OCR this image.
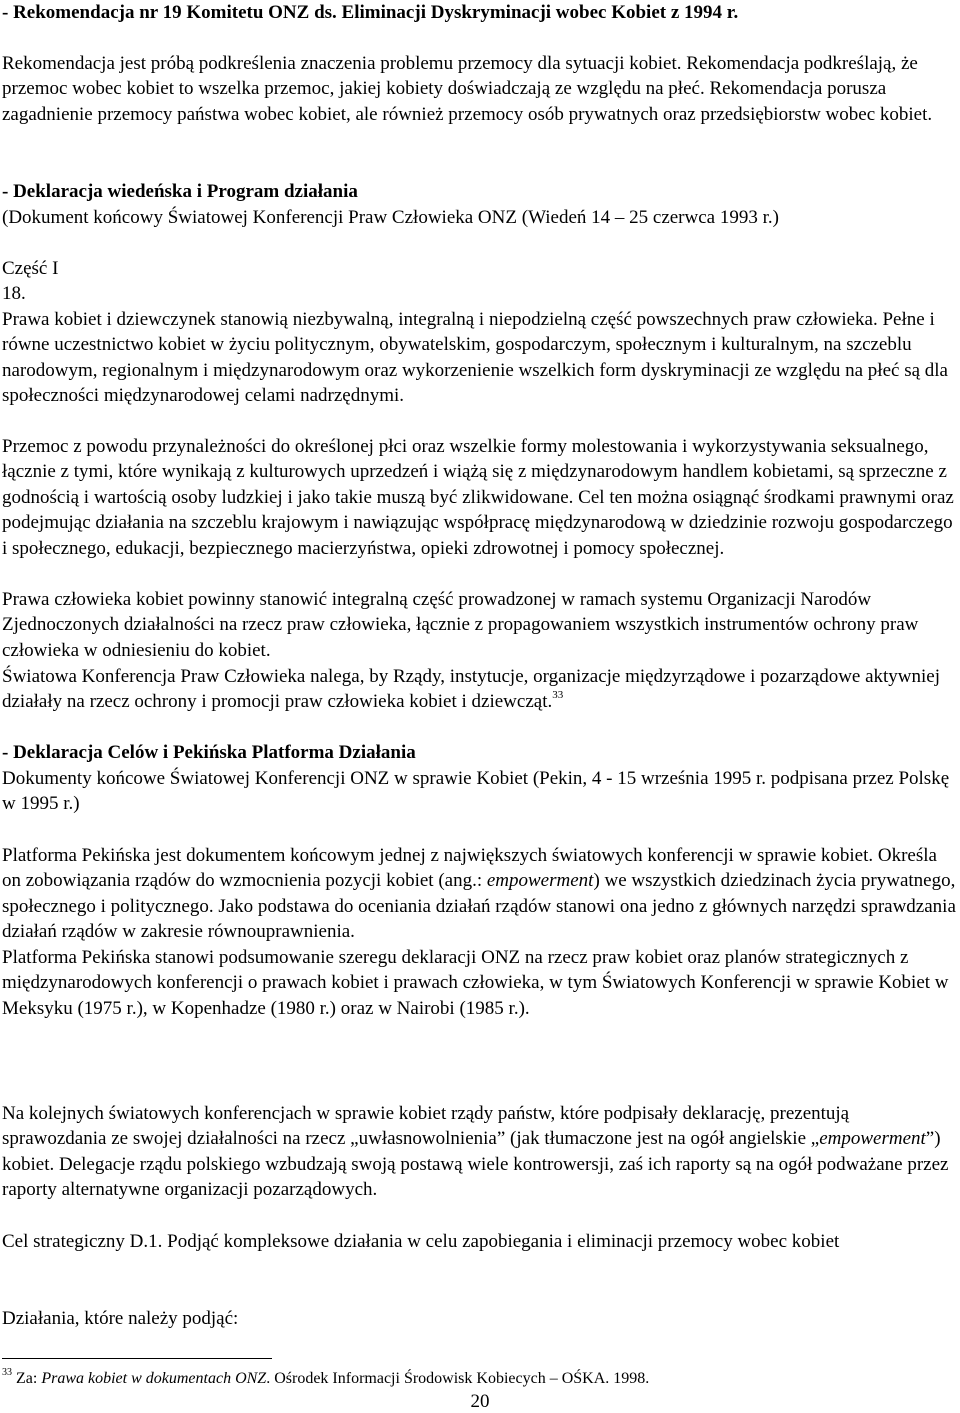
- Rekomendacja nr 19 Komitetu ONZ ds. Eliminacji Dyskryminacji wobec Kobiet z 1994 r.

Rekomendacja jest próbą podkreślenia znaczenia problemu przemocy dla sytuacji kobiet. Rekomendacja podkreślają, że przemoc wobec kobiet to wszelka przemoc, jakiej kobiety doświadczają ze względu na płeć. Rekomendacja porusza zagadnienie przemocy państwa wobec kobiet, ale również przemocy osób prywatnych oraz przedsiębiorstw wobec kobiet.

- Deklaracja wiedeńska i Program działania

(Dokument końcowy Światowej Konferencji Praw Człowieka ONZ (Wiedeń 14 – 25 czerwca 1993 r.)

Część I

18.

Prawa kobiet i dziewczynek stanowią niezbywalną, integralną i niepodzielną część powszechnych praw człowieka. Pełne i równe uczestnictwo kobiet w życiu politycznym, obywatelskim, gospodarczym, społecznym i kulturalnym, na szczeblu narodowym, regionalnym i międzynarodowym oraz wykorzenienie wszelkich form dyskryminacji ze względu na płeć są dla społeczności międzynarodowej celami nadrzędnymi.

Przemoc z powodu przynależności do określonej płci oraz wszelkie formy molestowania i wykorzystywania seksualnego, łącznie z tymi, które wynikają z kulturowych uprzedzeń i wiążą się z międzynarodowym handlem kobietami, są sprzeczne z godnością i wartością osoby ludzkiej i jako takie muszą być zlikwidowane. Cel ten można osiągnąć środkami prawnymi oraz podejmując działania na szczeblu krajowym i nawiązując współpracę międzynarodową w dziedzinie rozwoju gospodarczego i społecznego, edukacji, bezpiecznego macierzyństwa, opieki zdrowotnej i pomocy społecznej.

Prawa człowieka kobiet powinny stanowić integralną część prowadzonej w ramach systemu Organizacji Narodów Zjednoczonych działalności na rzecz praw człowieka, łącznie z propagowaniem wszystkich instrumentów ochrony praw człowieka w odniesieniu do kobiet.

Światowa Konferencja Praw Człowieka nalega, by Rządy, instytucje, organizacje międzyrządowe i pozarządowe aktywniej działały na rzecz ochrony i promocji praw człowieka kobiet i dziewcząt.$^{33}$

- Deklaracja Celów i Pekińska Platforma Działania

Dokumenty końcowe Światowej Konferencji ONZ w sprawie Kobiet (Pekin, 4 - 15 września 1995 r. podpisana przez Polskę w 1995 r.)

Platforma Pekińska jest dokumentem końcowym jednej z największych światowych konferencji w sprawie kobiet. Określa on zobowiązania rządów do wzmocnienia pozycji kobiet (ang.: empowerment) we wszystkich dziedzinach życia prywatnego, społecznego i politycznego. Jako podstawa do oceniania działań rządów stanowi ona jedno z głównych narzędzi sprawdzania działań rządów w zakresie równouprawnienia.

Platforma Pekińska stanowi podsumowanie szeregu deklaracji ONZ na rzecz praw kobiet oraz planów strategicznych z międzynarodowych konferencji o prawach kobiet i prawach człowieka, w tym Światowych Konferencji w sprawie Kobiet w Meksyku (1975 r.), w Kopenhadze (1980 r.) oraz w Nairobi (1985 r.).

Na kolejnych światowych konferencjach w sprawie kobiet rządy państw, które podpisały deklarację, prezentują sprawozdania ze swojej działalności na rzecz „uwłasnowolnienia” (jak tłumaczone jest na ogół angielskie „empowerment”) kobiet. Delegacje rządu polskiego wzbudzają swoją postawą wiele kontrowersji, zaś ich raporty są na ogół podważane przez raporty alternatywne organizacji pozarządowych.

Cel strategiczny D.1. Podjąć kompleksowe działania w celu zapobiegania i eliminacji przemocy wobec kobiet

Działania, które należy podjąć:

$^{33}$ Za: Prawa kobiet w dokumentach ONZ. Ośrodek Informacji Środowisk Kobiecych – OŚKA. 1998.

20
